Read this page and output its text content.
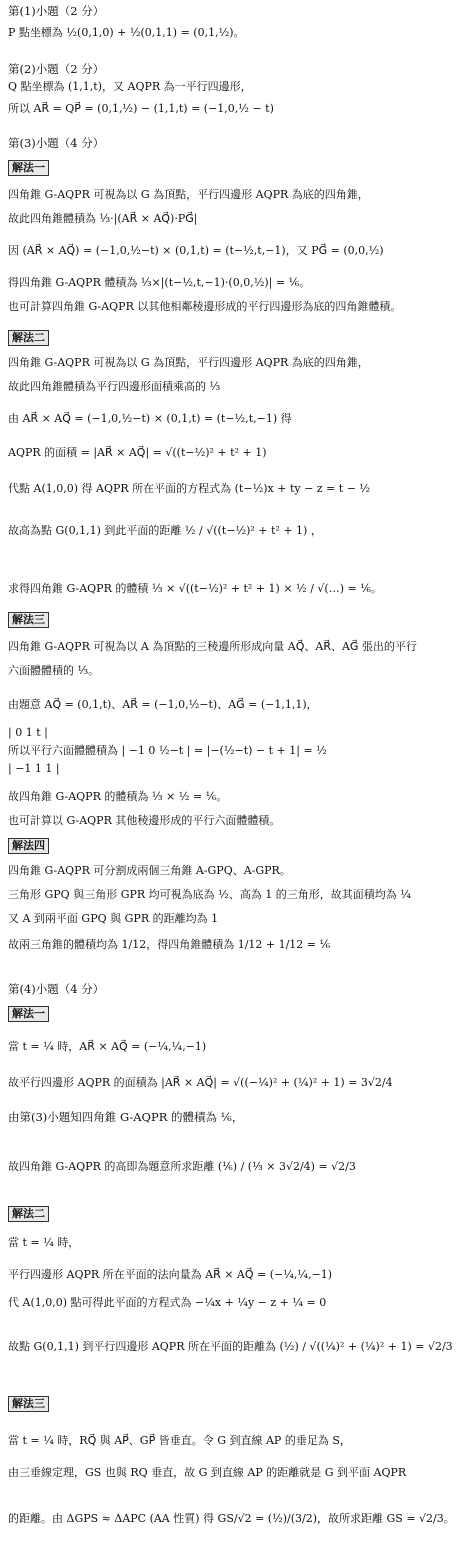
第(1)小題（2 分）
P 點坐標為 ½(0,1,0) + ½(0,1,1) = (0,1,½)。
第(2)小題（2 分）
Q 點坐標為 (1,1,t)，又 AQPR 為一平行四邊形，
所以 AR⃗ = QP⃗ = (0,1,½) − (1,1,t) = (−1,0,½ − t)
第(3)小題（4 分）
解法一
四角錐 G-AQPR 可視為以 G 為頂點，平行四邊形 AQPR 為底的四角錐，
故此四角錐體積為 ⅓·|(AR⃗ × AQ⃗)·PG⃗|
因 (AR⃗ × AQ⃗) = (−1,0,½−t) × (0,1,t) = (t−½,t,−1)，又 PG⃗ = (0,0,½)
得四角錐 G-AQPR 體積為 ⅓×|(t−½,t,−1)·(0,0,½)| = ⅙。
也可計算四角錐 G-AQPR 以其他相鄰稜邊形成的平行四邊形為底的四角錐體積。
解法二
四角錐 G-AQPR 可視為以 G 為頂點，平行四邊形 AQPR 為底的四角錐，
故此四角錐體積為平行四邊形面積乘高的 ⅓
由 AR⃗ × AQ⃗ = (−1,0,½−t) × (0,1,t) = (t−½,t,−1) 得
AQPR 的面積 = |AR⃗ × AQ⃗| = √((t−½)² + t² + 1)
代點 A(1,0,0) 得 AQPR 所在平面的方程式為 (t−½)x + ty − z = t − ½
故高為點 G(0,1,1) 到此平面的距離 ½ / √((t−½)² + t² + 1) ，
求得四角錐 G-AQPR 的體積 ⅓ × √((t−½)² + t² + 1) × ½ / √(…) = ⅙。
解法三
四角錐 G-AQPR 可視為以 A 為頂點的三稜邊所形成向量 AQ⃗、AR⃗、AG⃗ 張出的平行
六面體體積的 ⅓。
由題意 AQ⃗ = (0,1,t)、AR⃗ = (−1,0,½−t)、AG⃗ = (−1,1,1)，
| 0 1 t |
所以平行六面體體積為 | −1 0 ½−t | = |−(½−t) − t + 1| = ½
| −1 1 1 |
故四角錐 G-AQPR 的體積為 ⅓ × ½ = ⅙。
也可計算以 G-AQPR 其他稜邊形成的平行六面體體積。
解法四
四角錐 G-AQPR 可分割成兩個三角錐 A-GPQ、A-GPR。
三角形 GPQ 與三角形 GPR 均可視為底為 ½、高為 1 的三角形，故其面積均為 ¼
又 A 到兩平面 GPQ 與 GPR 的距離均為 1
故兩三角錐的體積均為 1/12，得四角錐體積為 1/12 + 1/12 = ⅙
第(4)小題（4 分）
解法一
當 t = ¼ 時，AR⃗ × AQ⃗ = (−¼,¼,−1)
故平行四邊形 AQPR 的面積為 |AR⃗ × AQ⃗| = √((−¼)² + (¼)² + 1) = 3√2/4
由第(3)小題知四角錐 G-AQPR 的體積為 ⅙，
故四角錐 G-AQPR 的高即為題意所求距離 (⅙) / (⅓ × 3√2/4) = √2/3
解法二
當 t = ¼ 時，
平行四邊形 AQPR 所在平面的法向量為 AR⃗ × AQ⃗ = (−¼,¼,−1)
代 A(1,0,0) 點可得此平面的方程式為 −¼x + ¼y − z + ¼ = 0
故點 G(0,1,1) 到平行四邊形 AQPR 所在平面的距離為 (½) / √((¼)² + (¼)² + 1) = √2/3
解法三
當 t = ¼ 時，RQ⃗ 與 AP⃗、GP⃗ 皆垂直。令 G 到直線 AP 的垂足為 S，
由三垂線定理，GS 也與 RQ 垂直，故 G 到直線 AP 的距離就是 G 到平面 AQPR
的距離。由 ΔGPS ≈ ΔAPC (AA 性質) 得 GS/√2 = (½)/(3/2)，故所求距離 GS = √2/3。
